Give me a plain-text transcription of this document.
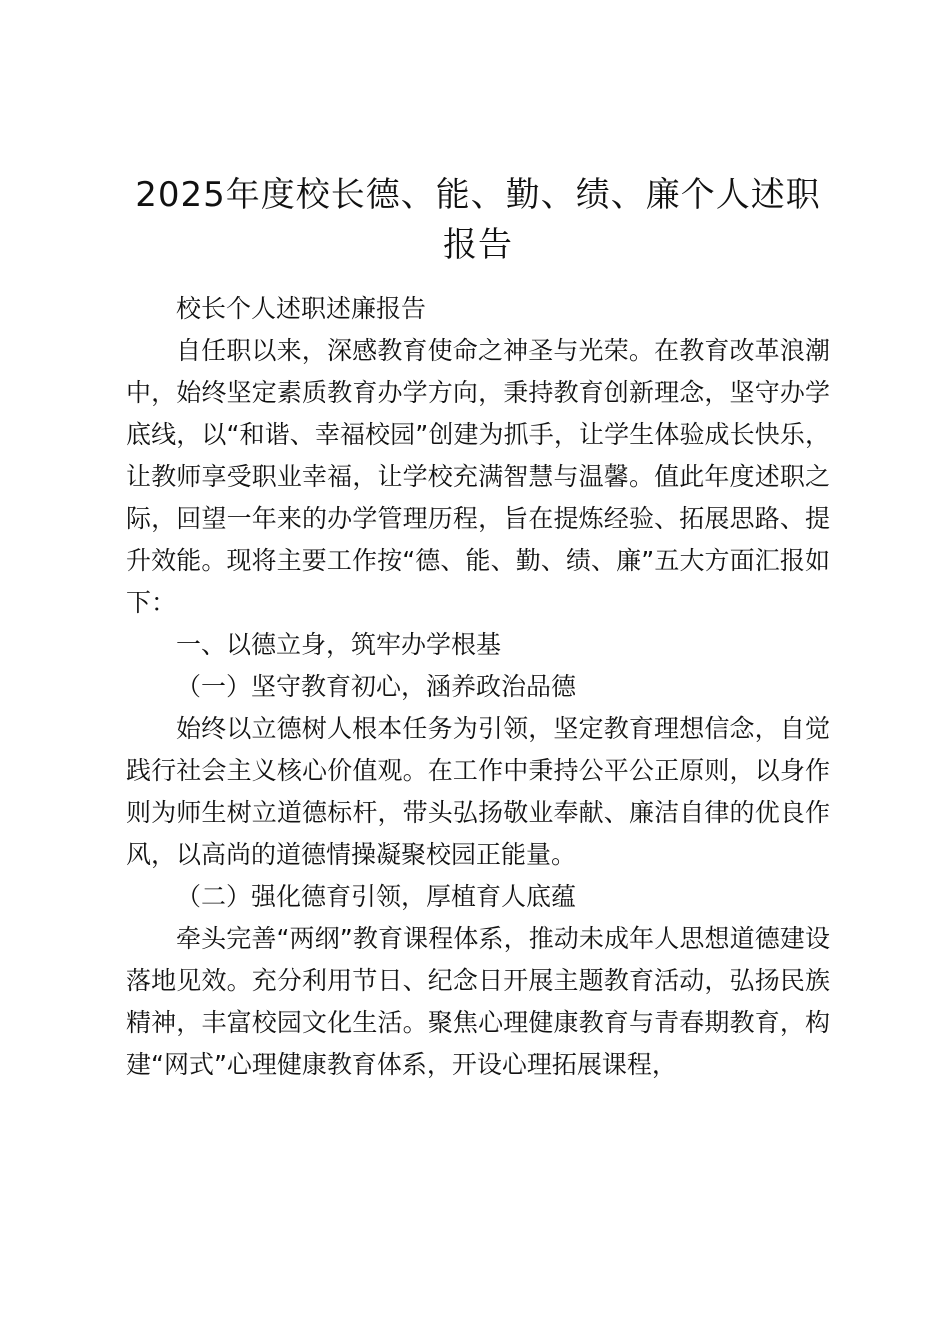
2025年度校长德、能、勤、绩、廉个人述职报告

校长个人述职述廉报告

自任职以来，深感教育使命之神圣与光荣。在教育改革浪潮中，始终坚定素质教育办学方向，秉持教育创新理念，坚守办学底线，以“和谐、幸福校园”创建为抓手，让学生体验成长快乐，让教师享受职业幸福，让学校充满智慧与温馨。值此年度述职之际，回望一年来的办学管理历程，旨在提炼经验、拓展思路、提升效能。现将主要工作按“德、能、勤、绩、廉”五大方面汇报如下：

一、以德立身，筑牢办学根基

（一）坚守教育初心，涵养政治品德

始终以立德树人根本任务为引领，坚定教育理想信念，自觉践行社会主义核心价值观。在工作中秉持公平公正原则，以身作则为师生树立道德标杆，带头弘扬敬业奉献、廉洁自律的优良作风，以高尚的道德情操凝聚校园正能量。

（二）强化德育引领，厚植育人底蕴

牵头完善“两纲”教育课程体系，推动未成年人思想道德建设落地见效。充分利用节日、纪念日开展主题教育活动，弘扬民族精神，丰富校园文化生活。聚焦心理健康教育与青春期教育，构建“网式”心理健康教育体系，开设心理拓展课程，
